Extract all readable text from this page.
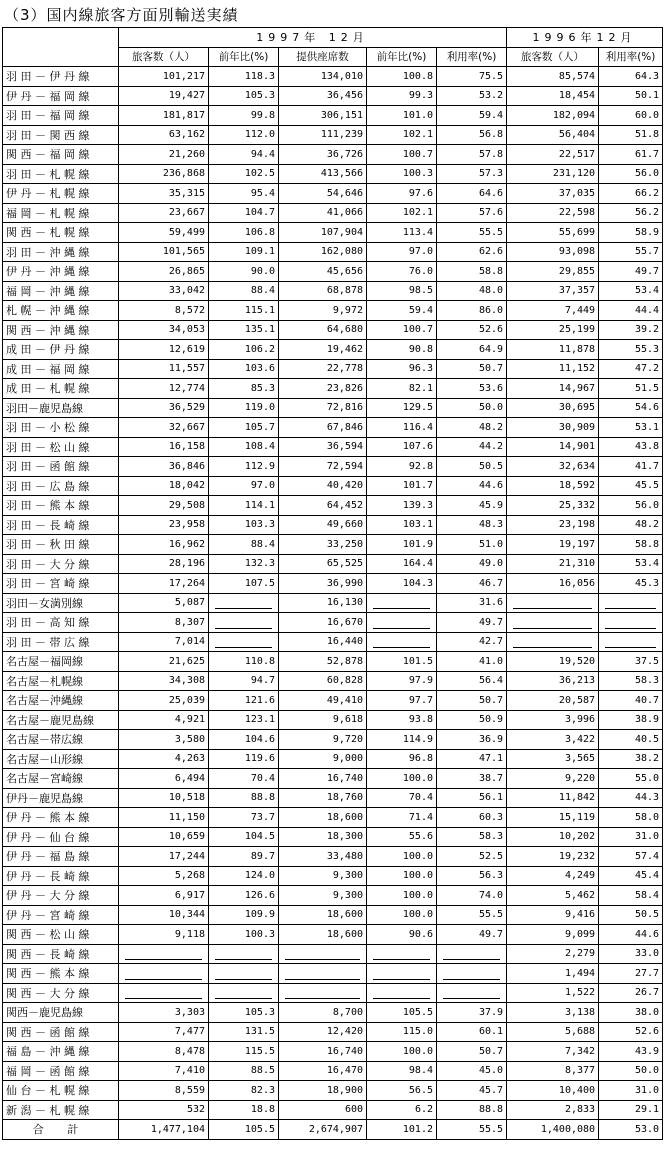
（3）国内線旅客方面別輸送実績
	1997年 12月					1996年12月	
	旅客数（人）	前年比(%)	提供座席数	前年比(%)	利用率(%)	旅客数（人）	利用率(%)
羽 田 － 伊 丹 線	101,217	118.3	134,010	100.8	75.5	85,574	64.3
伊 丹 － 福 岡 線	19,427	105.3	36,456	99.3	53.2	18,454	50.1
羽 田 － 福 岡 線	181,817	99.8	306,151	101.0	59.4	182,094	60.0
羽 田 － 関 西 線	63,162	112.0	111,239	102.1	56.8	56,404	51.8
関 西 － 福 岡 線	21,260	94.4	36,726	100.7	57.8	22,517	61.7
羽 田 － 札 幌 線	236,868	102.5	413,566	100.3	57.3	231,120	56.0
伊 丹 － 札 幌 線	35,315	95.4	54,646	97.6	64.6	37,035	66.2
福 岡 － 札 幌 線	23,667	104.7	41,066	102.1	57.6	22,598	56.2
関 西 － 札 幌 線	59,499	106.8	107,904	113.4	55.5	55,699	58.9
羽 田 － 沖 縄 線	101,565	109.1	162,080	97.0	62.6	93,098	55.7
伊 丹 － 沖 縄 線	26,865	90.0	45,656	76.0	58.8	29,855	49.7
福 岡 － 沖 縄 線	33,042	88.4	68,878	98.5	48.0	37,357	53.4
札 幌 － 沖 縄 線	8,572	115.1	9,972	59.4	86.0	7,449	44.4
関 西 － 沖 縄 線	34,053	135.1	64,680	100.7	52.6	25,199	39.2
成 田 － 伊 丹 線	12,619	106.2	19,462	90.8	64.9	11,878	55.3
成 田 － 福 岡 線	11,557	103.6	22,778	96.3	50.7	11,152	47.2
成 田 － 札 幌 線	12,774	85.3	23,826	82.1	53.6	14,967	51.5
羽田－鹿児島線	36,529	119.0	72,816	129.5	50.0	30,695	54.6
羽 田 － 小 松 線	32,667	105.7	67,846	116.4	48.2	30,909	53.1
羽 田 － 松 山 線	16,158	108.4	36,594	107.6	44.2	14,901	43.8
羽 田 － 函 館 線	36,846	112.9	72,594	92.8	50.5	32,634	41.7
羽 田 － 広 島 線	18,042	97.0	40,420	101.7	44.6	18,592	45.5
羽 田 － 熊 本 線	29,508	114.1	64,452	139.3	45.9	25,332	56.0
羽 田 － 長 崎 線	23,958	103.3	49,660	103.1	48.3	23,198	48.2
羽 田 － 秋 田 線	16,962	88.4	33,250	101.9	51.0	19,197	58.8
羽 田 － 大 分 線	28,196	132.3	65,525	164.4	49.0	21,310	53.4
羽 田 － 宮 崎 線	17,264	107.5	36,990	104.3	46.7	16,056	45.3
羽田－女満別線	5,087		16,130		31.6	

羽 田 － 高 知 線	8,307		16,670		49.7	

羽 田 － 帯 広 線	7,014		16,440		42.7	

名古屋－福岡線	21,625	110.8	52,878	101.5	41.0	19,520	37.5
名古屋－札幌線	34,308	94.7	60,828	97.9	56.4	36,213	58.3
名古屋－沖縄線	25,039	121.6	49,410	97.7	50.7	20,587	40.7
名古屋－鹿児島線	4,921	123.1	9,618	93.8	50.9	3,996	38.9
名古屋－帯広線	3,580	104.6	9,720	114.9	36.9	3,422	40.5
名古屋－山形線	4,263	119.6	9,000	96.8	47.1	3,565	38.2
名古屋－宮崎線	6,494	70.4	16,740	100.0	38.7	9,220	55.0
伊丹－鹿児島線	10,518	88.8	18,760	70.4	56.1	11,842	44.3
伊 丹 － 熊 本 線	11,150	73.7	18,600	71.4	60.3	15,119	58.0
伊 丹 － 仙 台 線	10,659	104.5	18,300	55.6	58.3	10,202	31.0
伊 丹 － 福 島 線	17,244	89.7	33,480	100.0	52.5	19,232	57.4
伊 丹 － 長 崎 線	5,268	124.0	9,300	100.0	56.3	4,249	45.4
伊 丹 － 大 分 線	6,917	126.6	9,300	100.0	74.0	5,462	58.4
伊 丹 － 宮 崎 線	10,344	109.9	18,600	100.0	55.5	9,416	50.5
関 西 － 松 山 線	9,118	100.3	18,600	90.6	49.7	9,099	44.6
関 西 － 長 崎 線						2,279	33.0
関 西 － 熊 本 線						1,494	27.7
関 西 － 大 分 線						1,522	26.7
関西－鹿児島線	3,303	105.3	8,700	105.5	37.9	3,138	38.0
関 西 － 函 館 線	7,477	131.5	12,420	115.0	60.1	5,688	52.6
福 島 － 沖 縄 線	8,478	115.5	16,740	100.0	50.7	7,342	43.9
福 岡 － 函 館 線	7,410	88.5	16,470	98.4	45.0	8,377	50.0
仙 台 － 札 幌 線	8,559	82.3	18,900	56.5	45.7	10,400	31.0
新 潟 － 札 幌 線	532	18.8	600	6.2	88.8	2,833	29.1
合 計	1,477,104	105.5	2,674,907	101.2	55.5	1,400,080	53.0
